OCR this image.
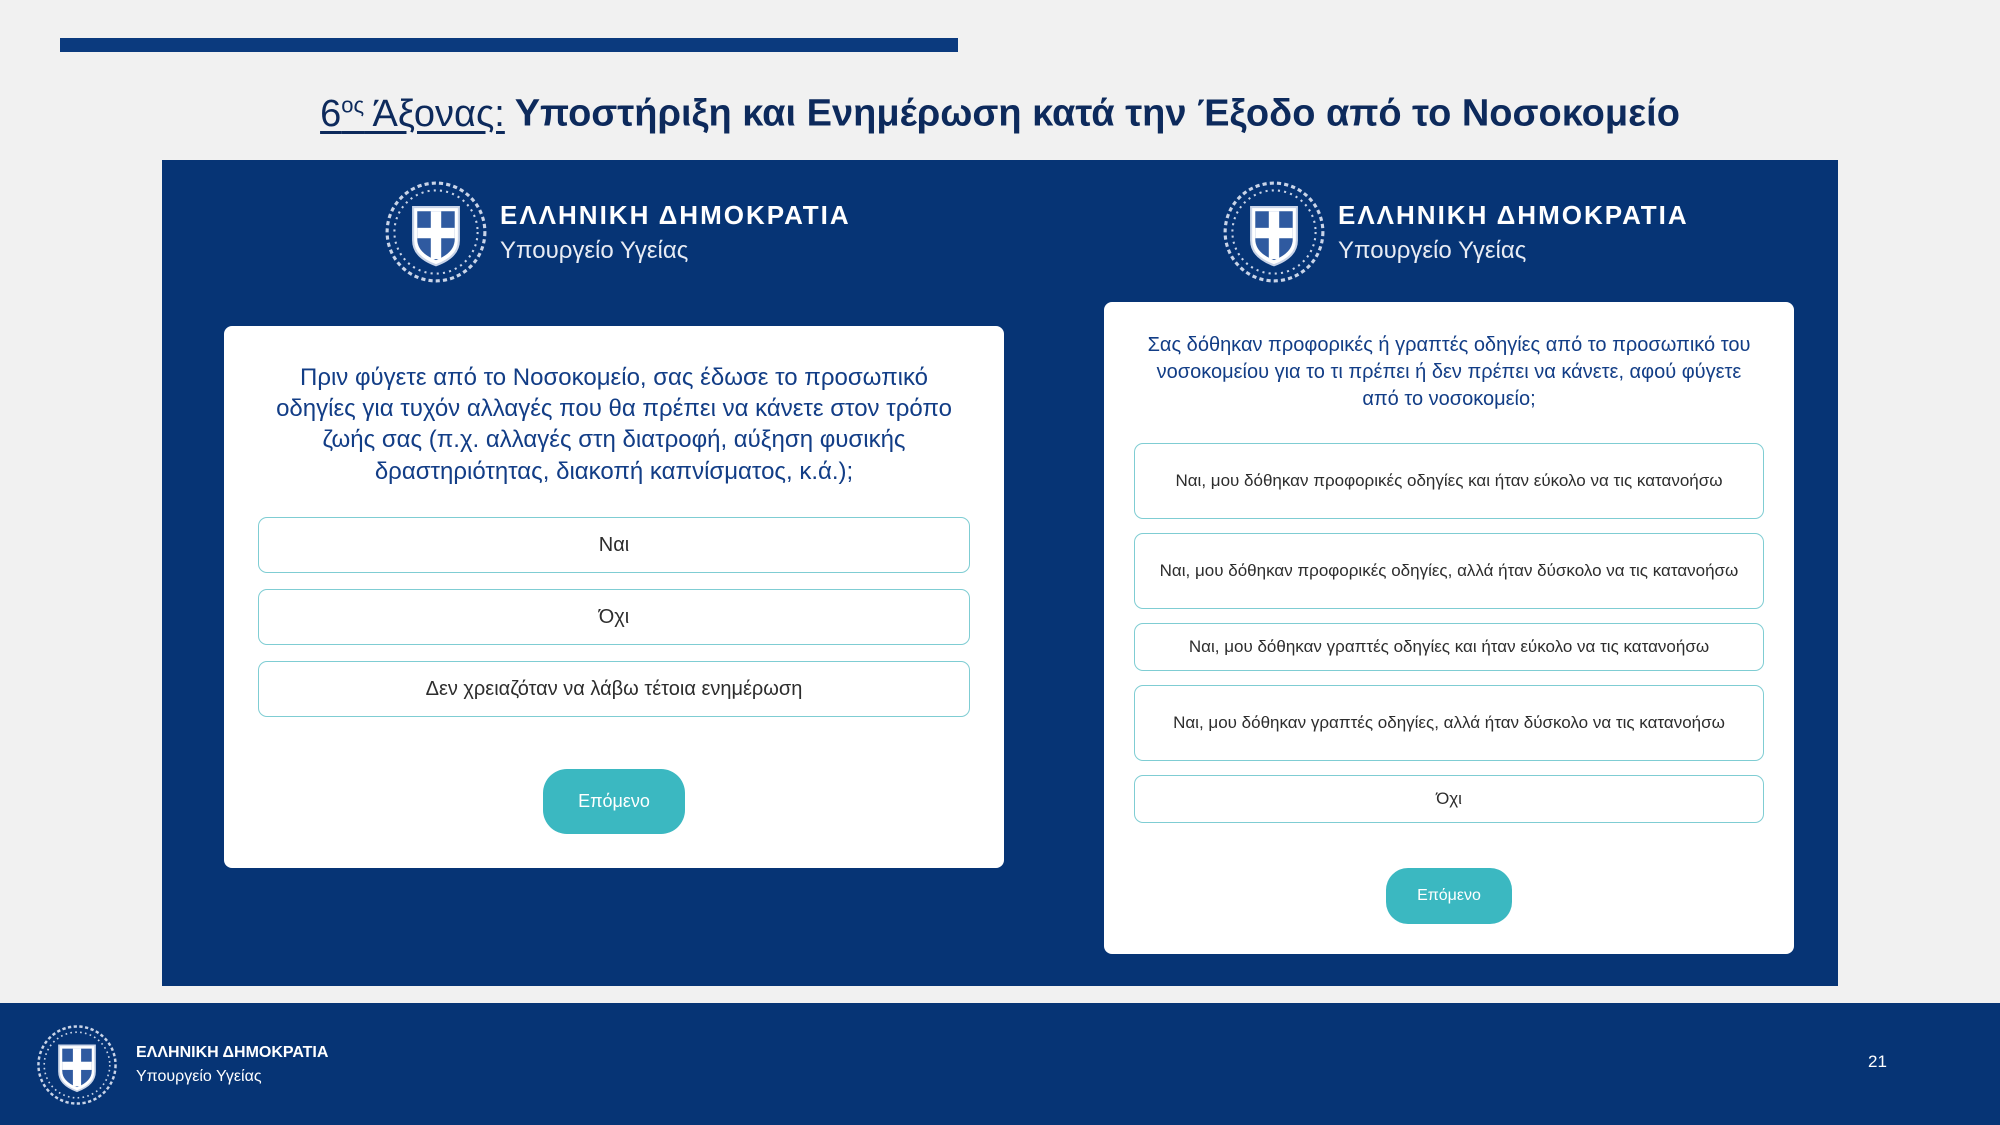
$6^{o\varsigma}$ Άξονας: Υποστήριξη και Ενημέρωση κατά την Έξοδο από το Νοσοκομείο
ΕΛΛΗΝΙΚΗ ΔΗΜΟΚΡΑΤΙΑ
Υπουργείο Υγείας
ΕΛΛΗΝΙΚΗ ΔΗΜΟΚΡΑΤΙΑ
Υπουργείο Υγείας
Πριν φύγετε από το Νοσοκομείο, σας έδωσε το προσωπικό οδηγίες για τυχόν αλλαγές που θα πρέπει να κάνετε στον τρόπο ζωής σας (π.χ. αλλαγές στη διατροφή, αύξηση φυσικής δραστηριότητας, διακοπή καπνίσματος, κ.ά.);
Ναι
Όχι
Δεν χρειαζόταν να λάβω τέτοια ενημέρωση
Επόμενο
Σας δόθηκαν προφορικές ή γραπτές οδηγίες από το προσωπικό του νοσοκομείου για το τι πρέπει ή δεν πρέπει να κάνετε, αφού φύγετε από το νοσοκομείο;
Ναι, μου δόθηκαν προφορικές οδηγίες και ήταν εύκολο να τις κατανοήσω
Ναι, μου δόθηκαν προφορικές οδηγίες, αλλά ήταν δύσκολο να τις κατανοήσω
Ναι, μου δόθηκαν γραπτές οδηγίες και ήταν εύκολο να τις κατανοήσω
Ναι, μου δόθηκαν γραπτές οδηγίες, αλλά ήταν δύσκολο να τις κατανοήσω
Όχι
Επόμενο
ΕΛΛΗΝΙΚΗ ΔΗΜΟΚΡΑΤΙΑ
Υπουργείο Υγείας
21
